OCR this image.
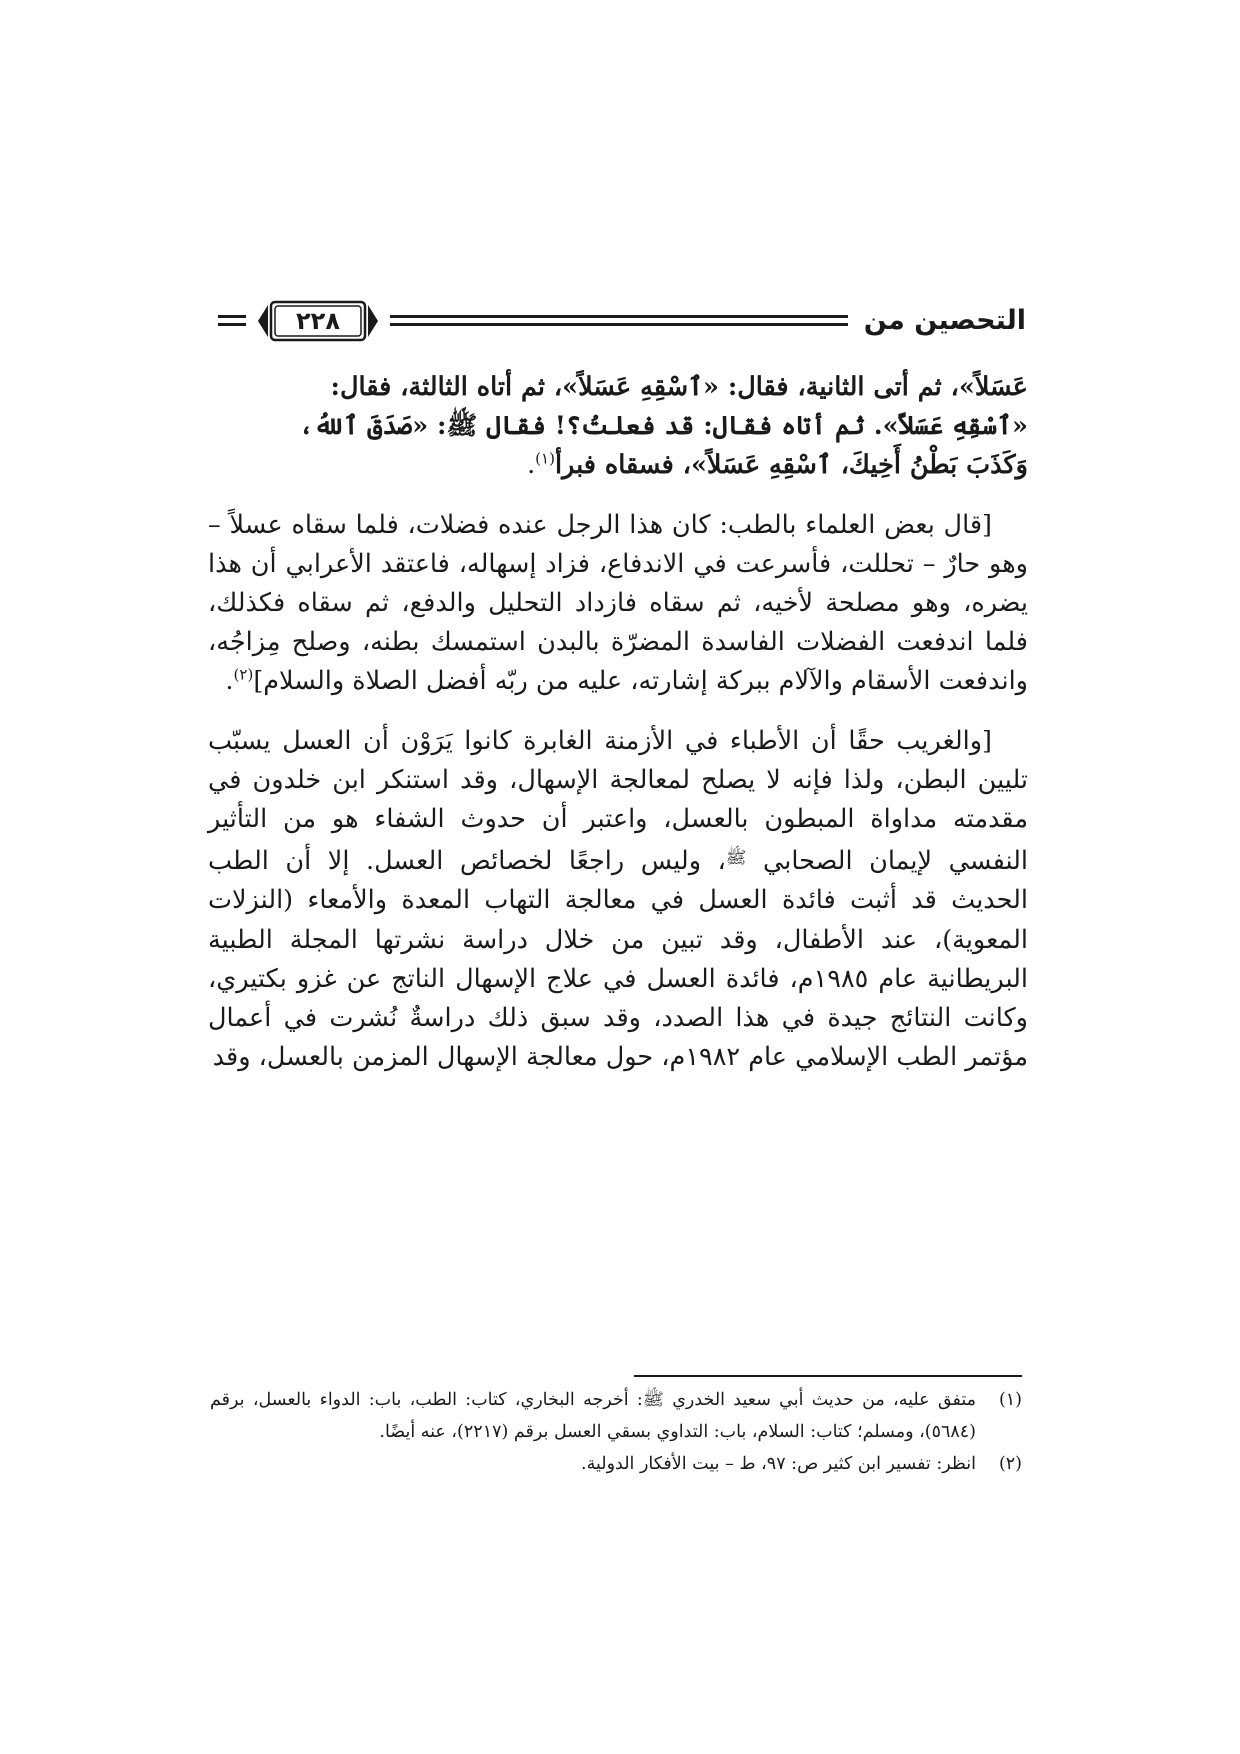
التحصين من
٢٢٨

عَسَلاً»، ثم أتى الثانية، فقال: «ٱسْقِهِ عَسَلاً»، ثم أتاه الثالثة، فقال:
«ٱسْقِهِ عَسَلاً». ثم أتاه فقال: قد فعلتُ؟! فقال ﷺ: «صَدَقَ ٱللهُ،
وَكَذَبَ بَطْنُ أَخِيكَ، ٱسْقِهِ عَسَلاً»، فسقاه فبرأ$^{(١)}$.

[قال بعض العلماء بالطب: كان هذا الرجل عنده فضلات، فلما سقاه عسلاً – وهو حارٌ – تحللت، فأسرعت في الاندفاع، فزاد إسهاله، فاعتقد الأعرابي أن هذا يضره، وهو مصلحة لأخيه، ثم سقاه فازداد التحليل والدفع، ثم سقاه فكذلك، فلما اندفعت الفضلات الفاسدة المضرّة بالبدن استمسك بطنه، وصلح مِزاجُه، واندفعت الأسقام والآلام ببركة إشارته، عليه من ربّه أفضل الصلاة والسلام]$^{(٢)}$.

[والغريب حقًا أن الأطباء في الأزمنة الغابرة كانوا يَرَوْن أن العسل يسبّب تليين البطن، ولذا فإنه لا يصلح لمعالجة الإسهال، وقد استنكر ابن خلدون في مقدمته مداواة المبطون بالعسل، واعتبر أن حدوث الشفاء هو من التأثير النفسي لإيمان الصحابي $^ﷺ$، وليس راجعًا لخصائص العسل. إلا أن الطب الحديث قد أثبت فائدة العسل في معالجة التهاب المعدة والأمعاء (النزلات المعوية)، عند الأطفال، وقد تبين من خلال دراسة نشرتها المجلة الطبية البريطانية عام ١٩٨٥م، فائدة العسل في علاج الإسهال الناتج عن غزو بكتيري، وكانت النتائج جيدة في هذا الصدد، وقد سبق ذلك دراسةٌ نُشرت في أعمال مؤتمر الطب الإسلامي عام ١٩٨٢م، حول معالجة الإسهال المزمن بالعسل، وقد

(١)
متفق عليه، من حديث أبي سعيد الخدري ﷺ: أخرجه البخاري، كتاب: الطب، باب: الدواء بالعسل، برقم (٥٦٨٤)، ومسلم؛ كتاب: السلام، باب: التداوي بسقي العسل برقم (٢٢١٧)، عنه أيضًا.
(٢)
انظر: تفسير ابن كثير ص: ٩٧، ط – بيت الأفكار الدولية.
